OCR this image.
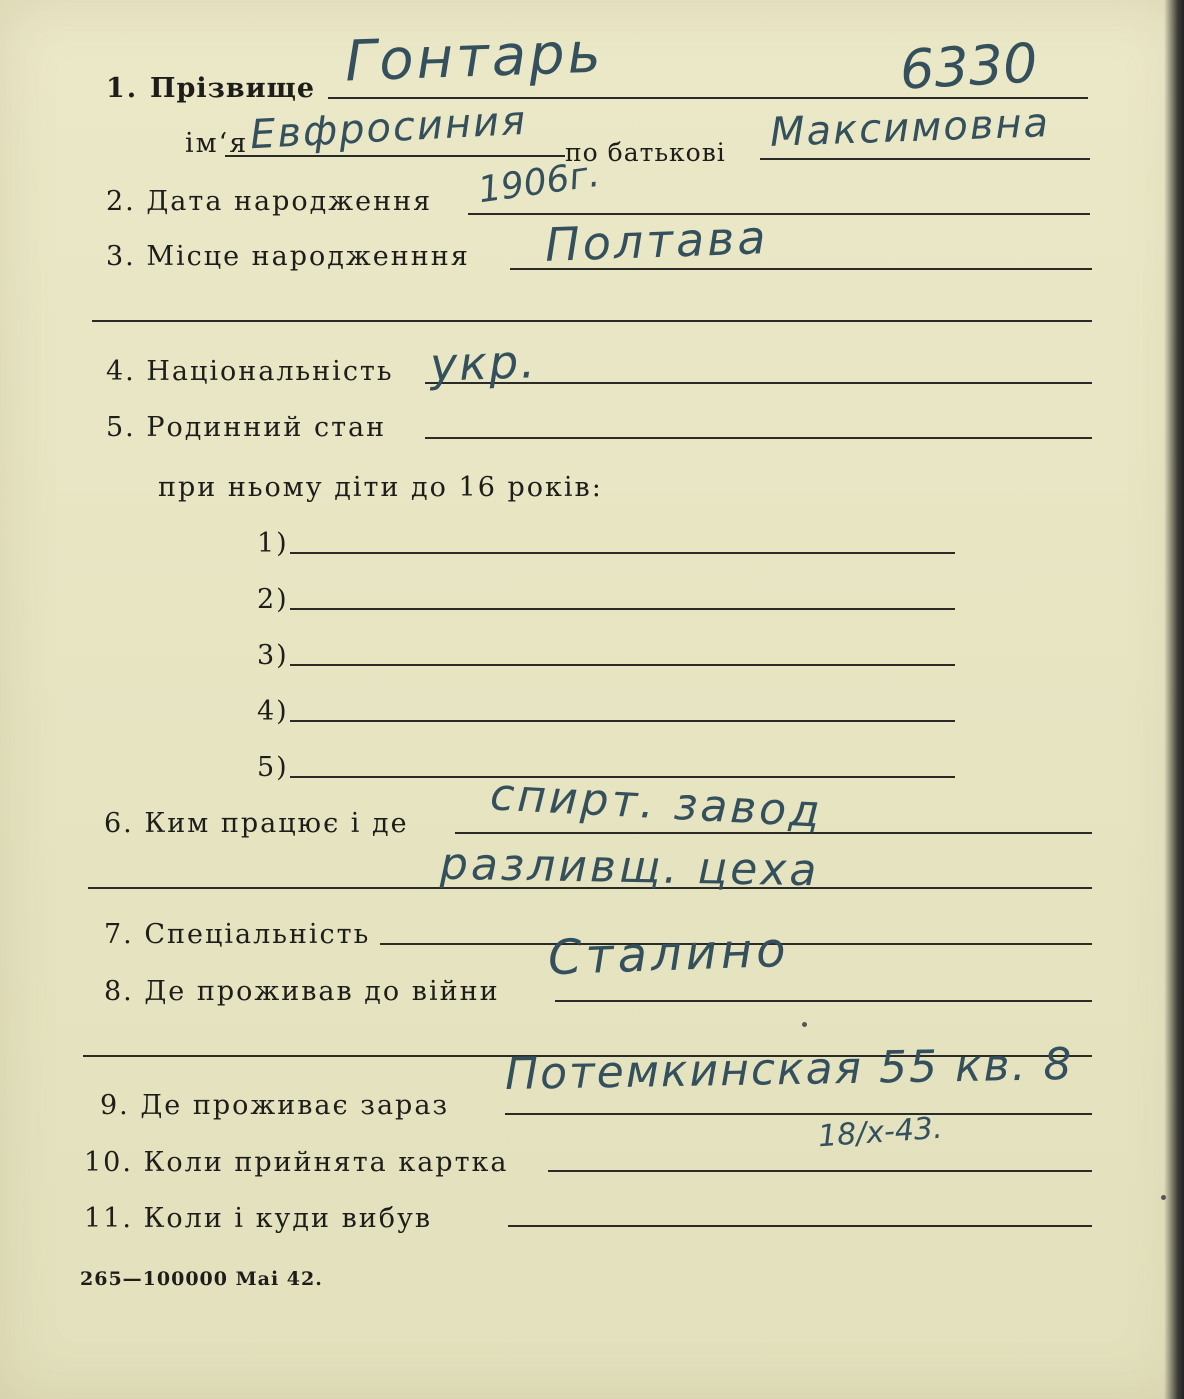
1. Прізвище
ім‘я	по батькові
2. Дата народження
3. Місце народженння
4. Національність
5. Родинний стан
при ньому діти до 16 років:
1)
2)
3)
4)
5)
6. Ким працює і де
7. Спеціальність
8. Де проживав до війни
9. Де проживає зараз
10. Коли прийнята картка
11. Коли і куди вибув
265—100000 Mai 42.
6330
Гонтарь
Евфросиния	Максимовна
1906г.
Полтава
укр.
спирт. завод
разливщ. цеха
Сталино
Потемкинская 55 кв. 8
18/x-43.
